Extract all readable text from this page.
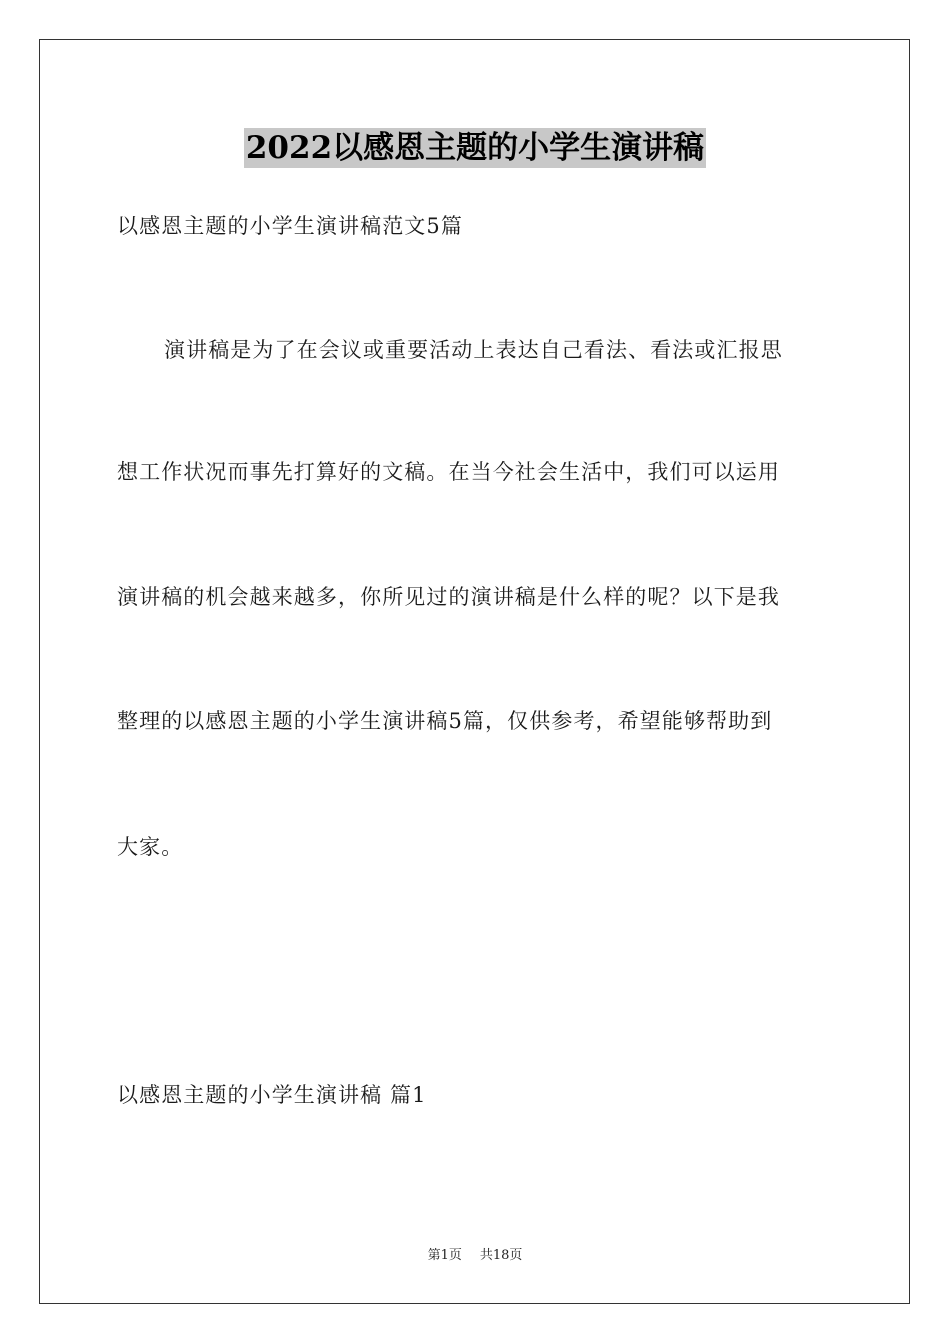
2022以感恩主题的小学生演讲稿
以感恩主题的小学生演讲稿范文5篇
演讲稿是为了在会议或重要活动上表达自己看法、看法或汇报思
想工作状况而事先打算好的文稿。在当今社会生活中，我们可以运用
演讲稿的机会越来越多，你所见过的演讲稿是什么样的呢？以下是我
整理的以感恩主题的小学生演讲稿5篇，仅供参考，希望能够帮助到
大家。
以感恩主题的小学生演讲稿 篇1
第1页 共18页
